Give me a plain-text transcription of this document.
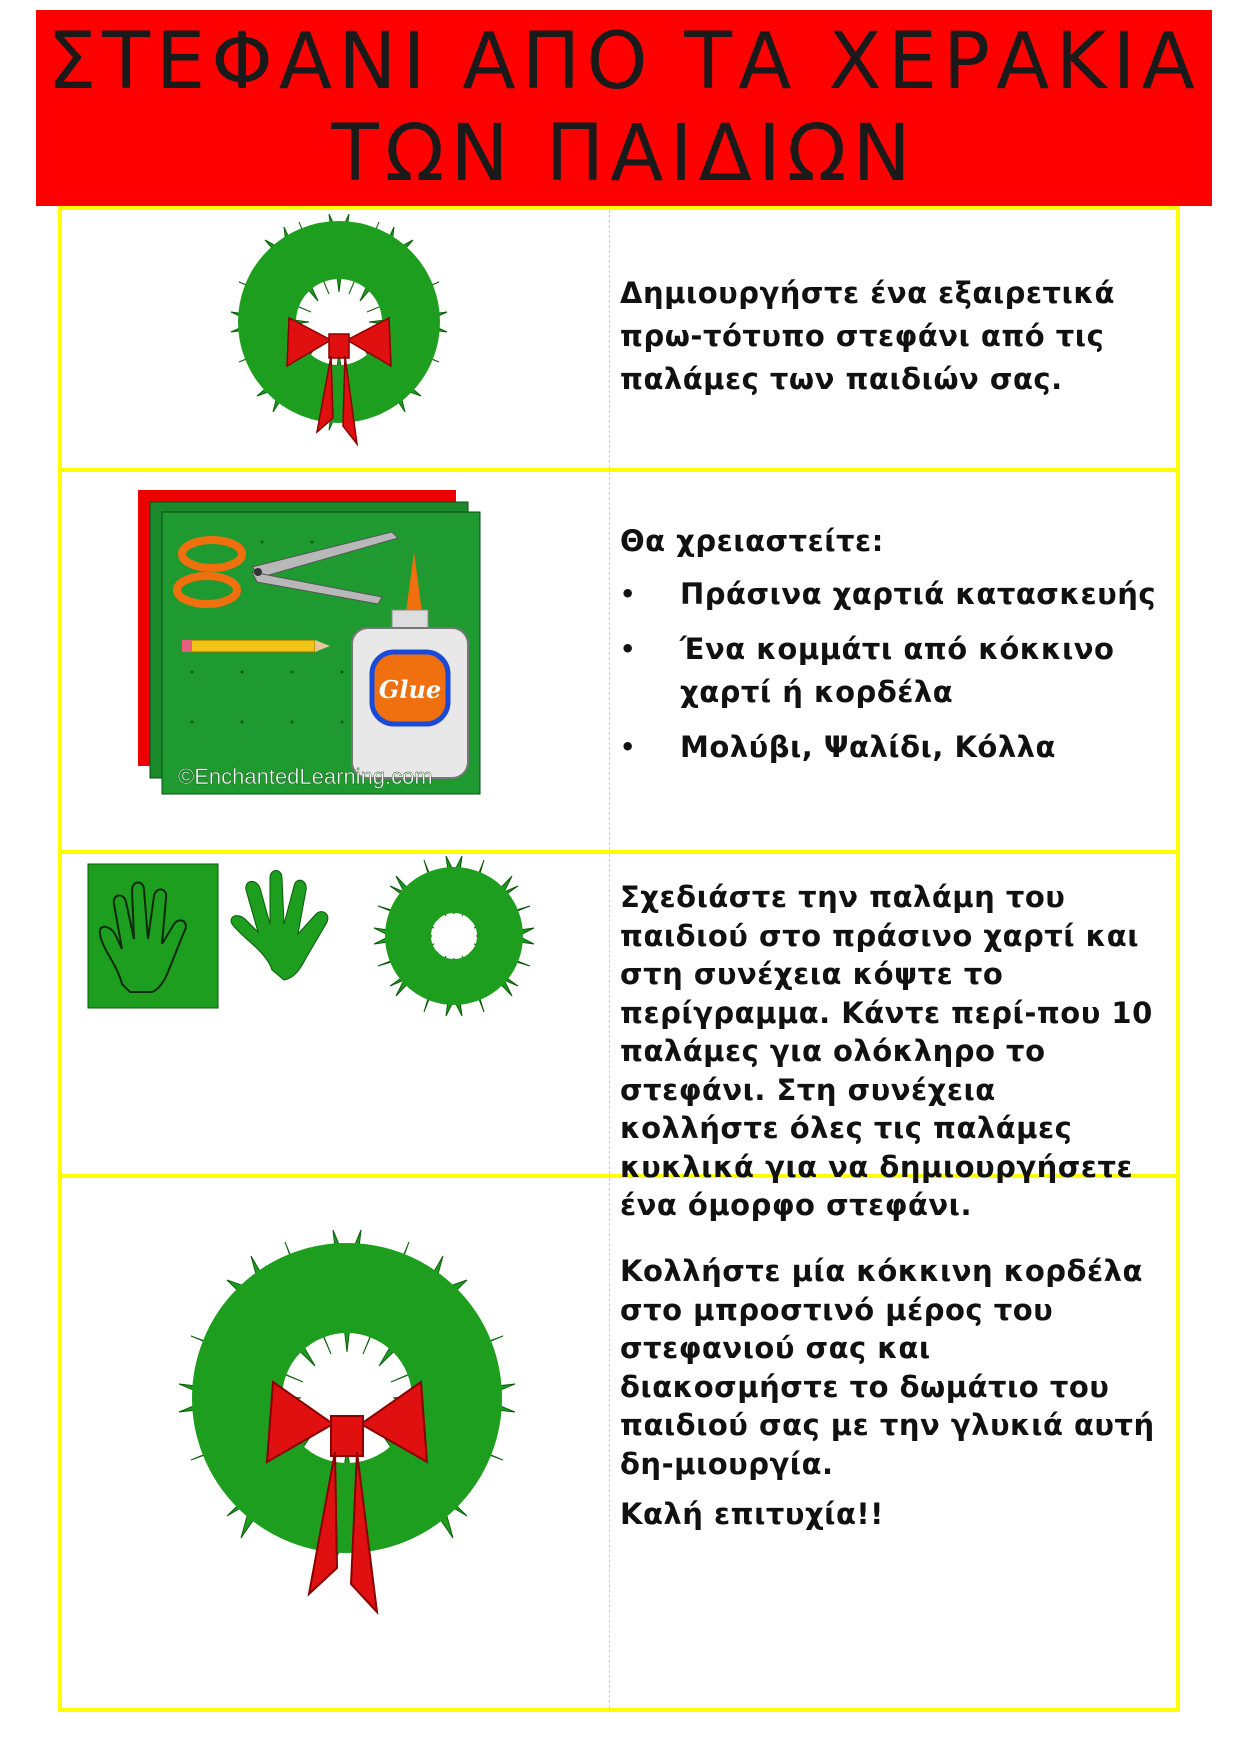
ΣΤΕΦΑΝΙ ΑΠΟ ΤΑ ΧΕΡΑΚΙΑ
ΤΩΝ ΠΑΙΔΙΩΝ

Δημιουργήστε ένα εξαιρετικά πρω-τότυπο στεφάνι από τις παλάμες των παιδιών σας.

Glue
©EnchantedLearning.com

Θα χρειαστείτε:

• Πράσινα χαρτιά κατασκευής
• Ένα κομμάτι από κόκκινο χαρτί ή κορδέλα
• Μολύβι, Ψαλίδι, Κόλλα

Σχεδιάστε την παλάμη του παιδιού στο πράσινο χαρτί και στη συνέχεια κόψτε το περίγραμμα. Κάντε περί-που 10 παλάμες για ολόκληρο το στεφάνι. Στη συνέχεια κολλήστε όλες τις παλάμες κυκλικά για να δημιουργήσετε ένα όμορφο στεφάνι.

Κολλήστε μία κόκκινη κορδέλα στο μπροστινό μέρος του στεφανιού σας και διακοσμήστε το δωμάτιο του παιδιού σας με την γλυκιά αυτή δη-μιουργία.

Καλή επιτυχία!!
